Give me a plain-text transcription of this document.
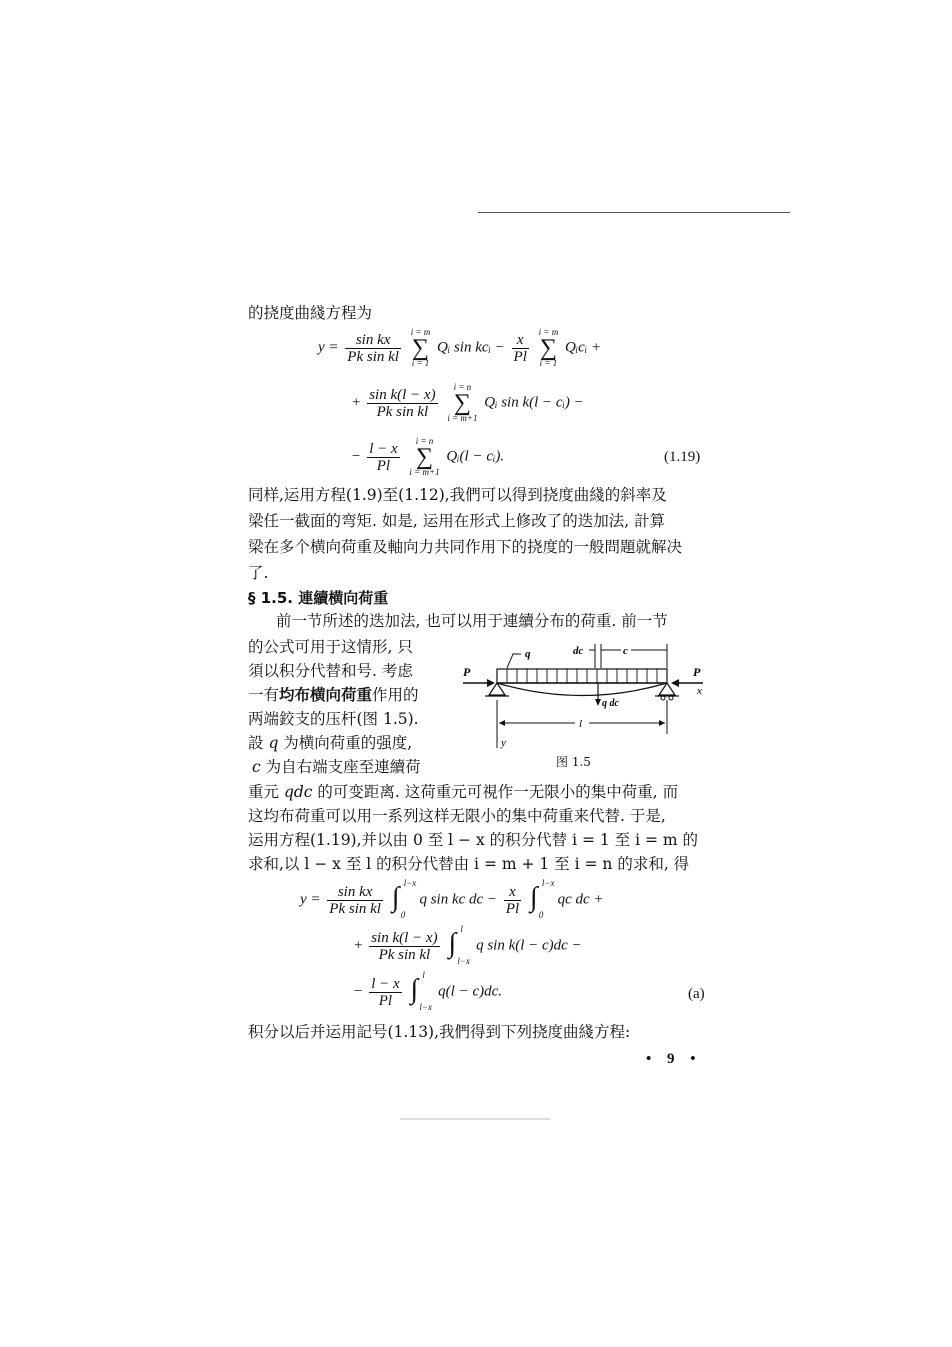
的挠度曲綫方程为
$y = \frac{\text{sin kx}}{\text{Pk sin kl}}$
i = m
∑
i = 1
Qᵢ sin kcᵢ − $\frac{x}{Pl}$
i = m
∑
i = 1
Qᵢcᵢ +
+ $\frac{\text{sin k(l − x)}}{\text{Pk sin kl}}$
	i = n
∑
i = m+1
Qᵢ sin k(l − cᵢ) −
− $\frac{l - x}{Pl}$
	i = n
∑
i = m+1
Qᵢ(l − cᵢ).	(1.19)
同样,运用方程(1.9)至(1.12),我們可以得到挠度曲綫的斜率及
梁任一截面的弯矩. 如是, 运用在形式上修改了的迭加法, 計算
梁在多个横向荷重及軸向力共同作用下的挠度的一般問題就解决
了.
§ 1.5. 連續横向荷重
前一节所述的迭加法, 也可以用于連續分布的荷重. 前一节
的公式可用于这情形, 只
須以积分代替和号. 考虑
一有均布横向荷重作用的
两端鉸支的压杆(图 1.5).
設 q 为横向荷重的强度,
c 为自右端支座至連續荷
P	P
x
q	dc	c
q dc
y
l
图 1.5
重元 qdc 的可变距离. 这荷重元可視作一无限小的集中荷重, 而
这均布荷重可以用一系列这样无限小的集中荷重来代替. 于是,
运用方程(1.19),并以由 0 至 l − x 的积分代替 i = 1 至 i = m 的
求和,以 l − x 至 l 的积分代替由 i = m + 1 至 i = n 的求和, 得
$y = \frac{\text{sin kx}}{\text{Pk sin kl}}$
∫ l−x
0
q sin kc dc − $\frac{x}{Pl}$
∫ l−x
0
qc dc +
+ $\frac{\text{sin k(l − x)}}{\text{Pk sin kl}}$
∫ l
l−x
q sin k(l − c)dc −
− $\frac{l - x}{Pl}$
∫ l
l−x
q(l − c)dc.	(a)
积分以后并运用記号(1.13),我們得到下列挠度曲綫方程:
• 9 •
